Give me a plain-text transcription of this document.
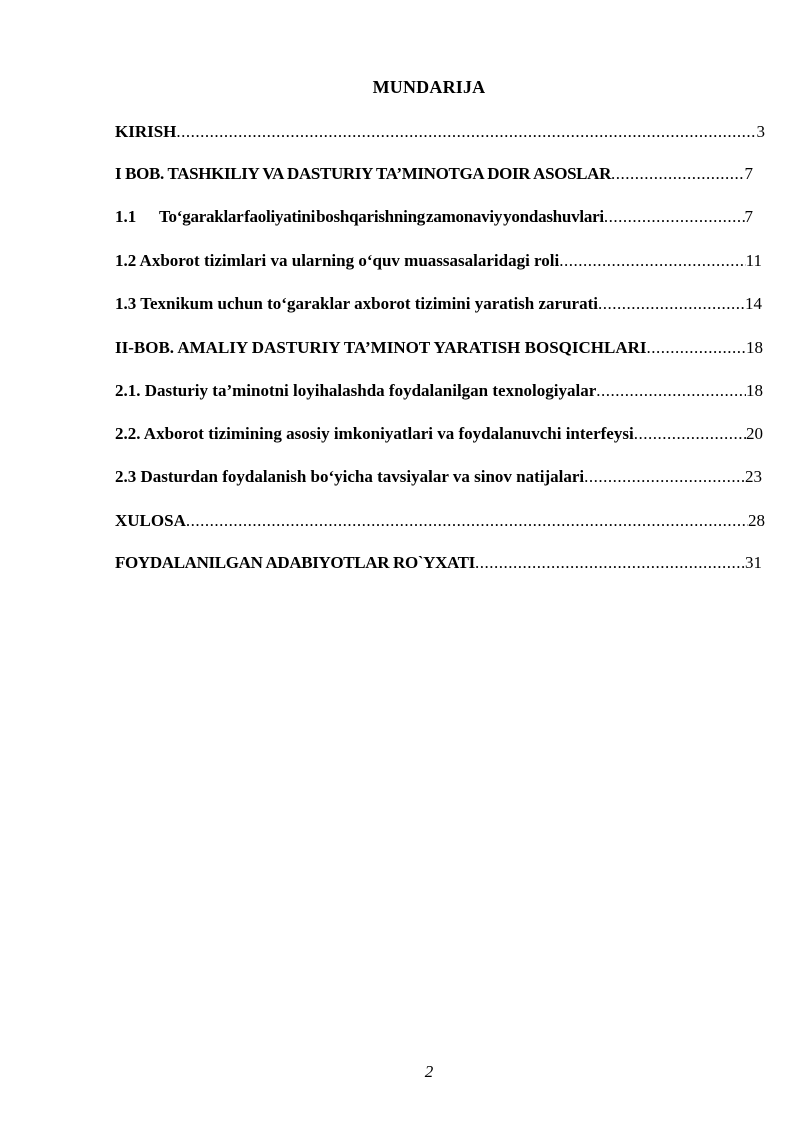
MUNDARIJA
KIRISH .....	3
I BOB. TASHKILIY VA DASTURIY TA’MINOTGA DOIR ASOSLAR .....	7
1.1	To‘garaklar faoliyatini boshqarishning zamonaviy yondashuvlari .....	7
1.2 Axborot tizimlari va ularning o‘quv muassasalaridagi roli .....	11
1.3 Texnikum uchun to‘garaklar axborot tizimini yaratish zarurati .....	14
II-BOB. AMALIY DASTURIY TA’MINOT YARATISH BOSQICHLARI .....	18
2.1. Dasturiy ta’minotni loyihalashda foydalanilgan texnologiyalar .....	18
2.2. Axborot tizimining asosiy imkoniyatlari va foydalanuvchi interfeysi .....	20
2.3 Dasturdan foydalanish bo‘yicha tavsiyalar va sinov natijalari .....	23
XULOSA .....	28
FOYDALANILGAN ADABIYOTLAR RO`YXATI .....	31
2
